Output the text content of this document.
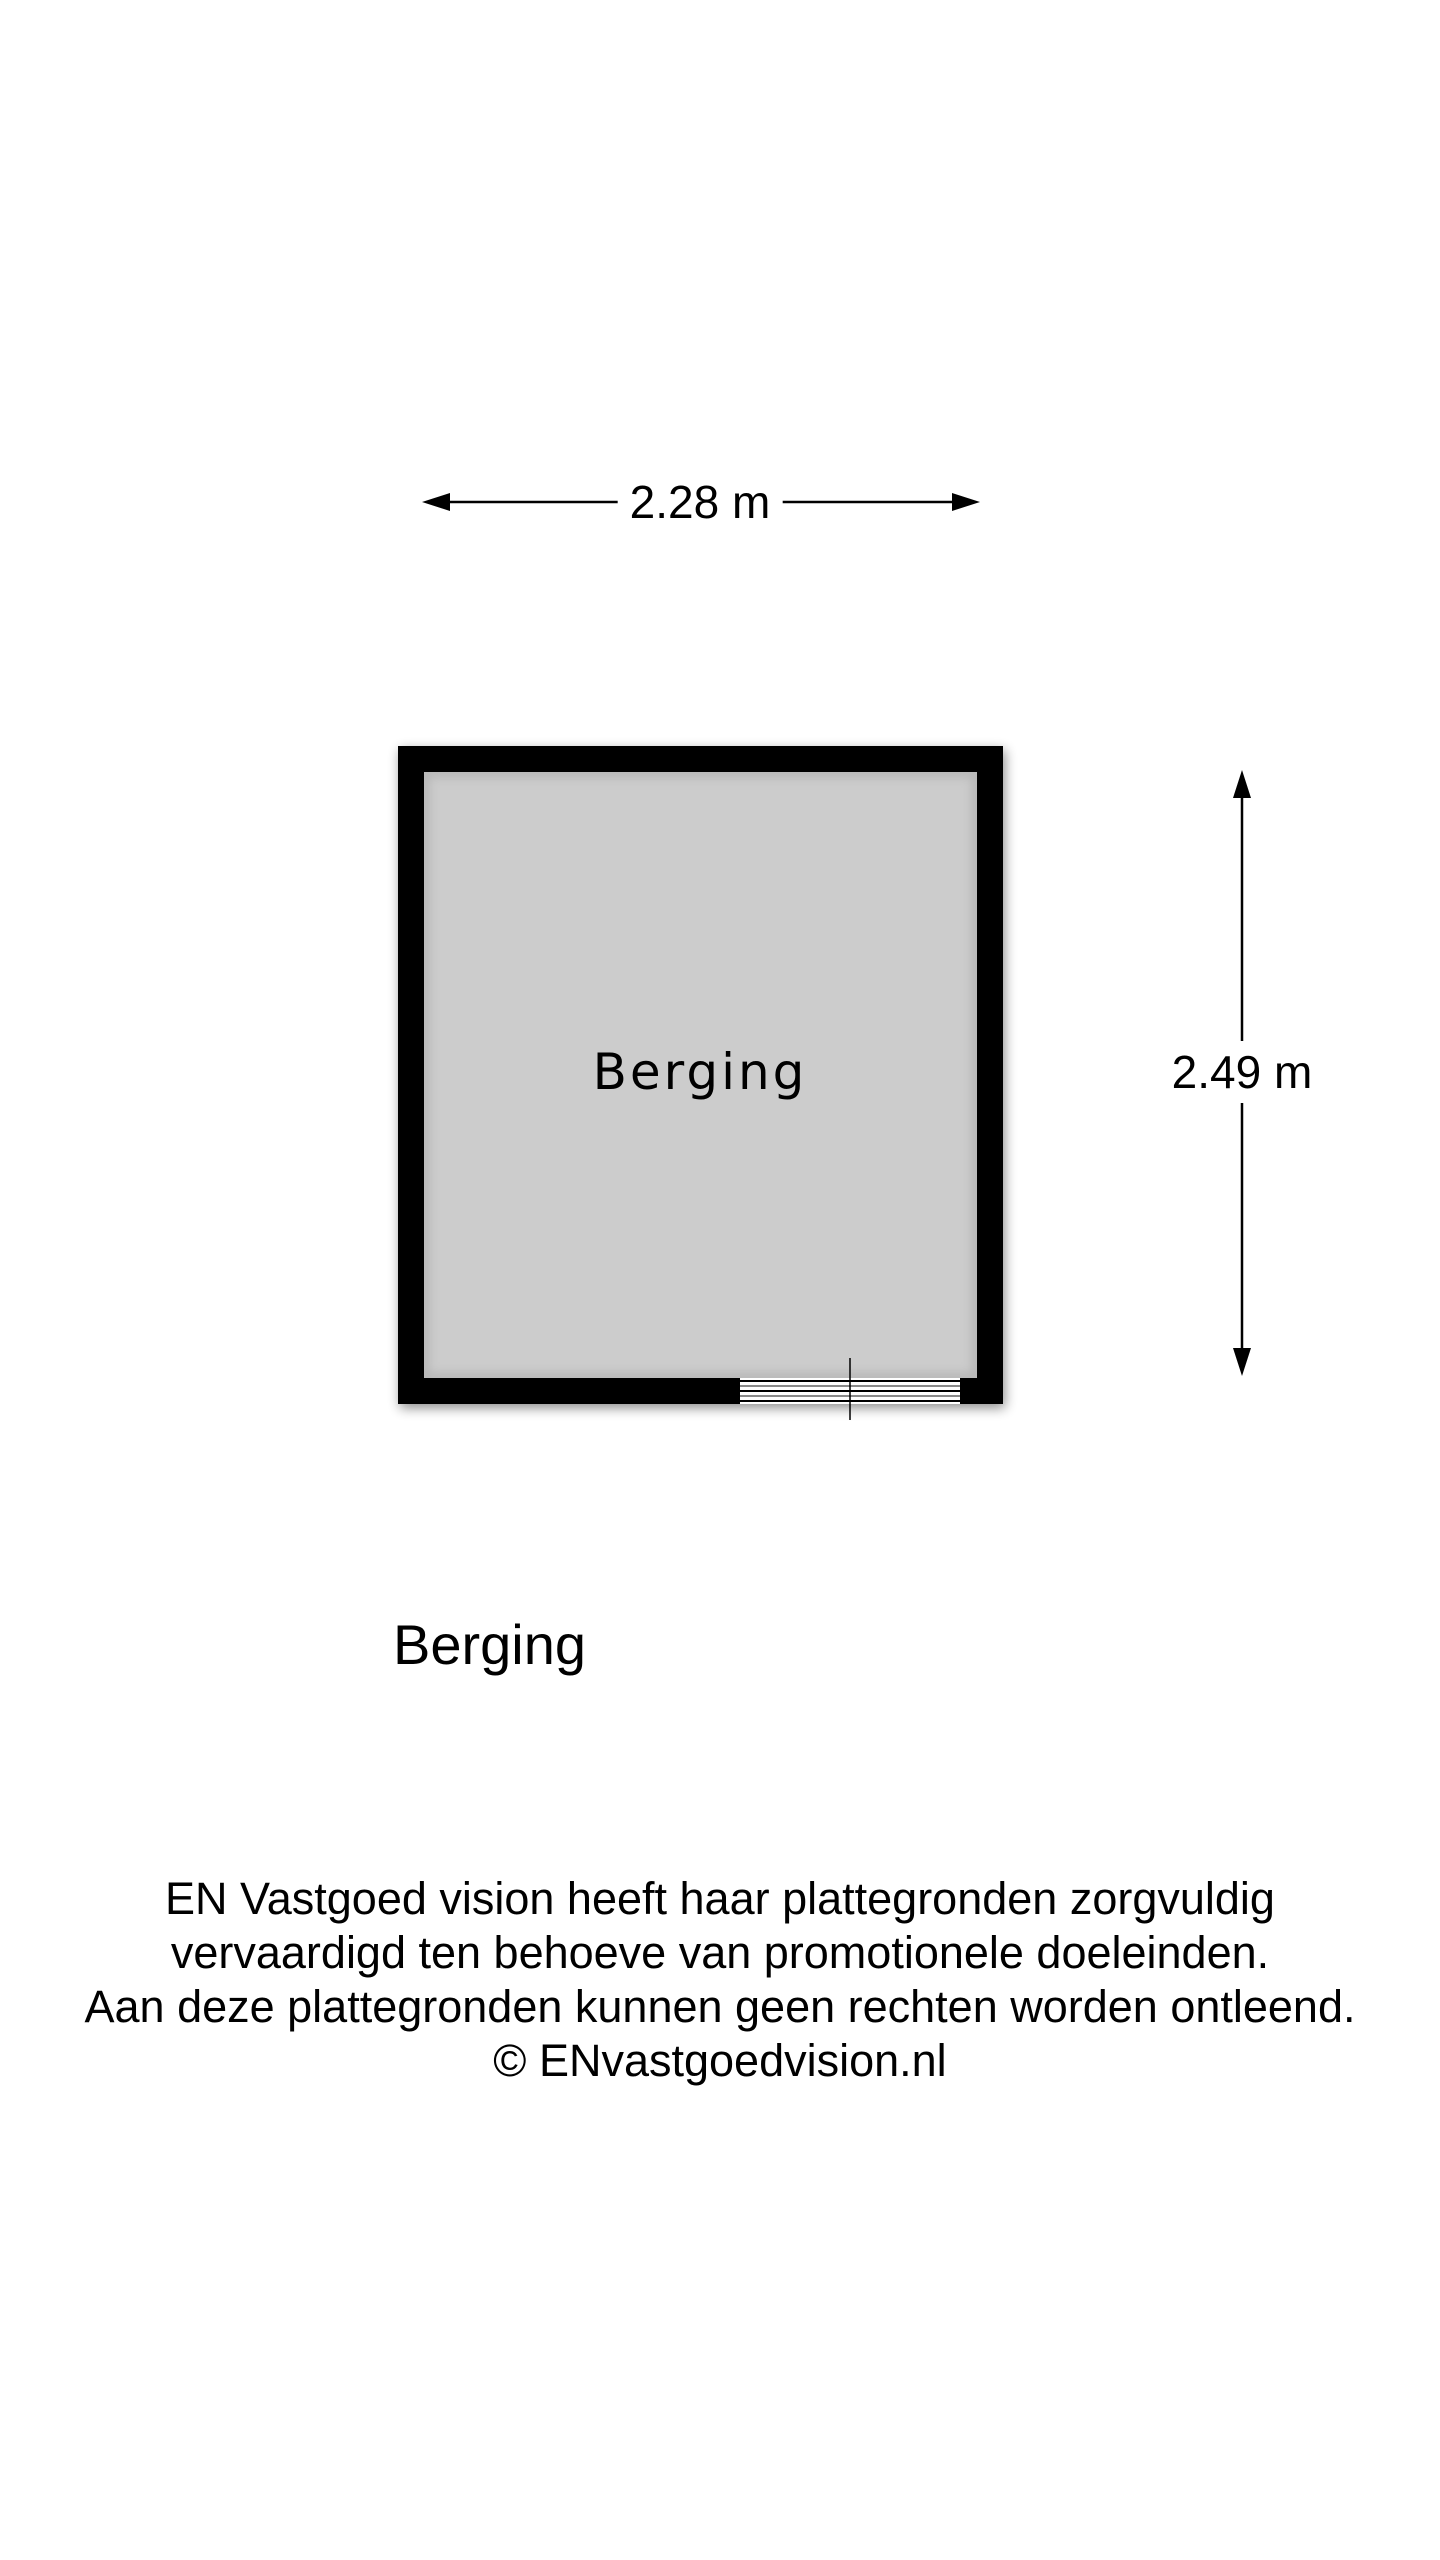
2.28 m
2.49 m
Berging
Berging
EN Vastgoed vision heeft haar plattegronden zorgvuldig
vervaardigd ten behoeve van promotionele doeleinden.
Aan deze plattegronden kunnen geen rechten worden ontleend.
© ENvastgoedvision.nl
